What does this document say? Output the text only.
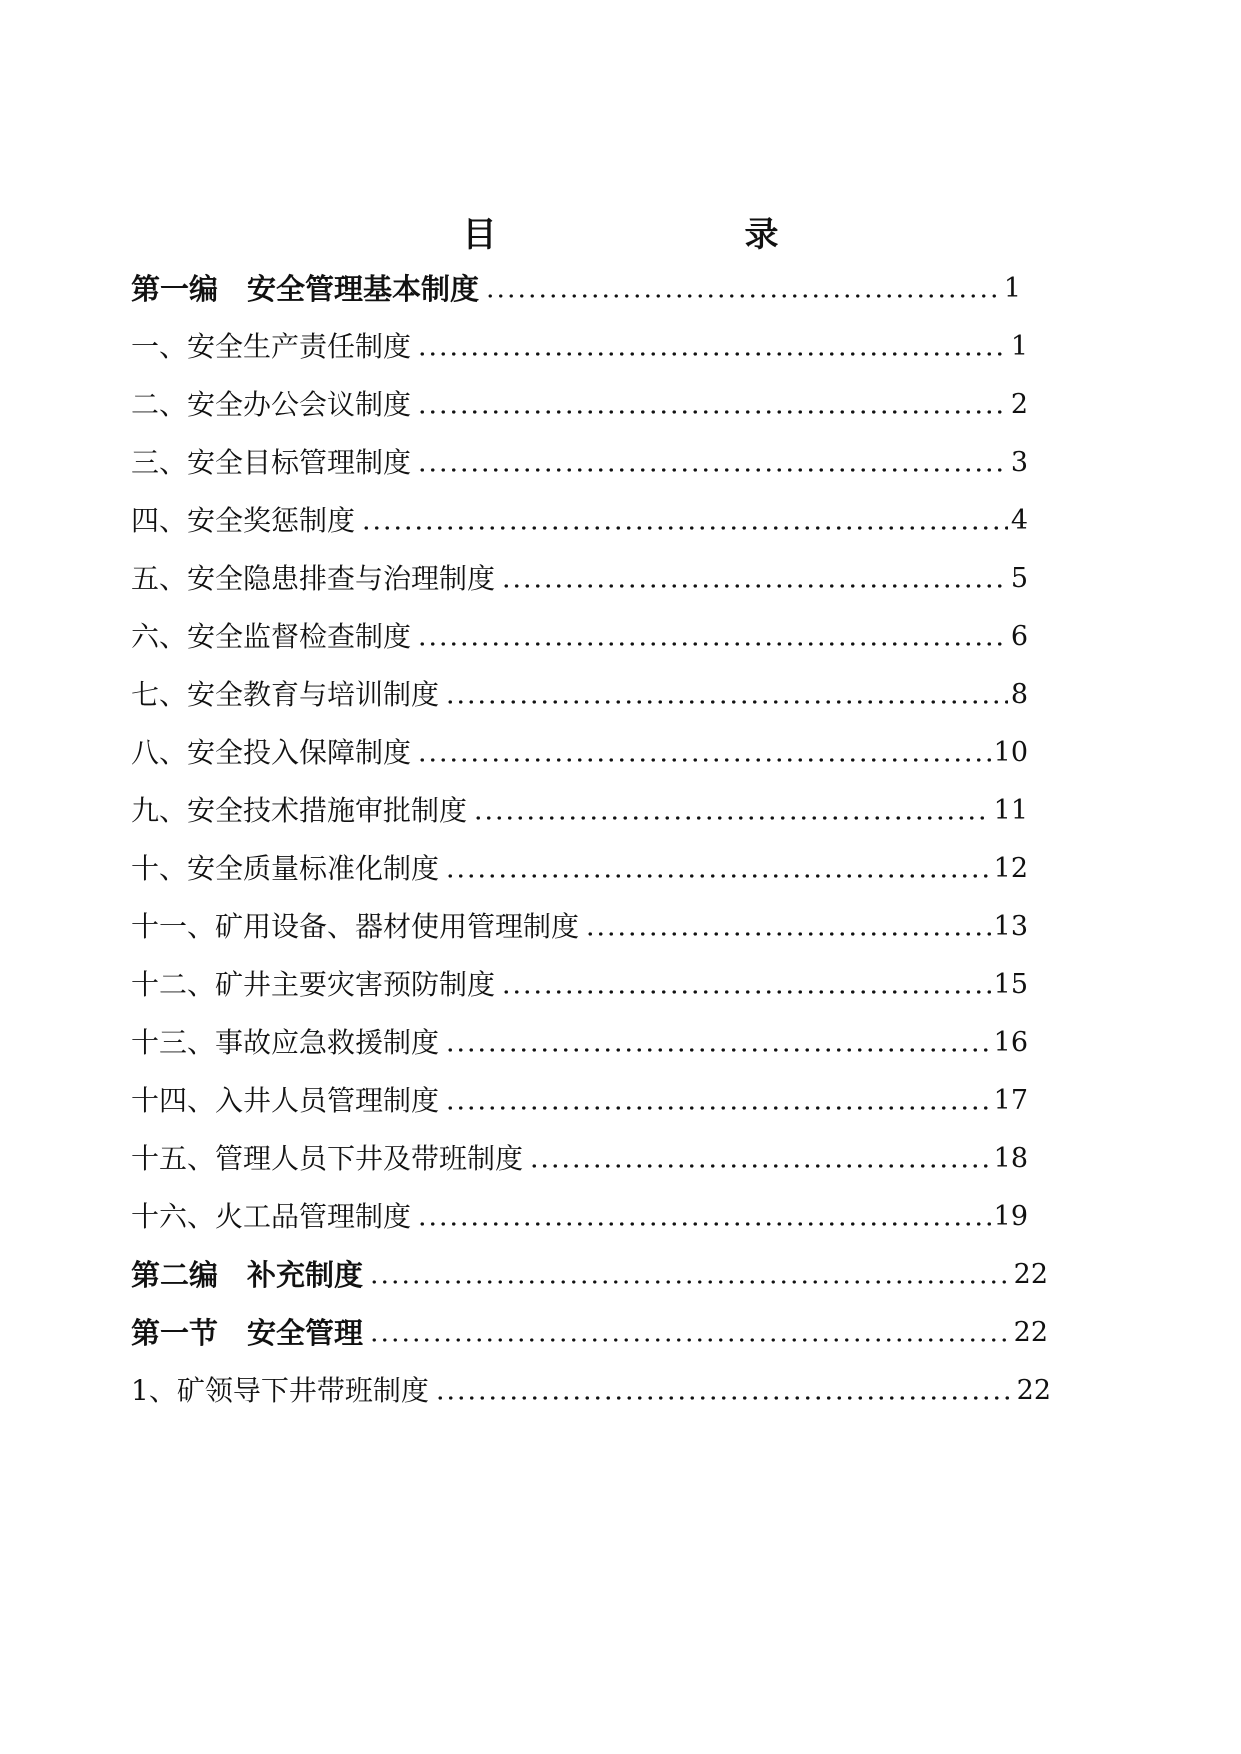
目　　录
第一编　安全管理基本制度	1
一、安全生产责任制度	1
二、安全办公会议制度	2
三、安全目标管理制度	3
四、安全奖惩制度	4
五、安全隐患排查与治理制度	5
六、安全监督检查制度	6
七、安全教育与培训制度	8
八、安全投入保障制度	10
九、安全技术措施审批制度	11
十、安全质量标准化制度	12
十一、矿用设备、器材使用管理制度	13
十二、矿井主要灾害预防制度	15
十三、事故应急救援制度	16
十四、入井人员管理制度	17
十五、管理人员下井及带班制度	18
十六、火工品管理制度	19
第二编　补充制度	22
第一节　安全管理	22
1、矿领导下井带班制度	22
